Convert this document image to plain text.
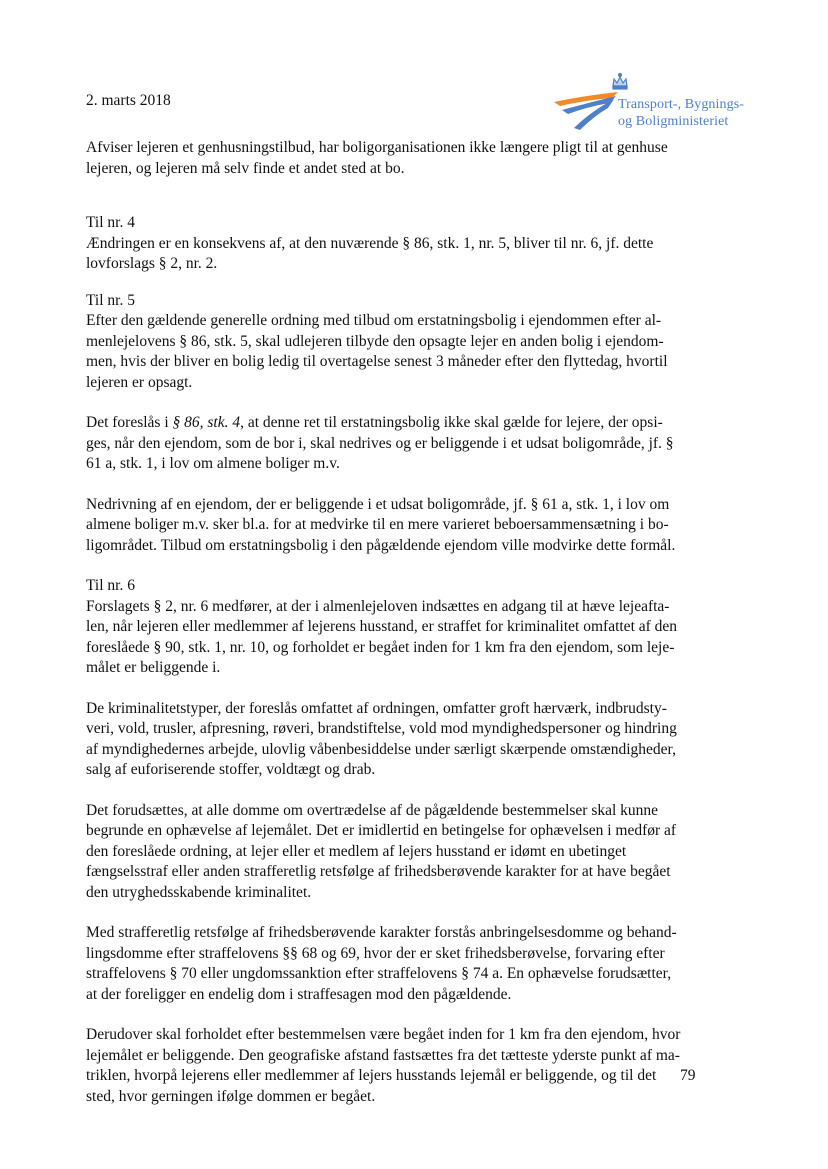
2. marts 2018	Transport-, Bygnings-
og Boligministeriet
Afviser lejeren et genhusningstilbud, har boligorganisationen ikke længere pligt til at genhuse
lejeren, og lejeren må selv finde et andet sted at bo.
Til nr. 4
Ændringen er en konsekvens af, at den nuværende § 86, stk. 1, nr. 5, bliver til nr. 6, jf. dette
lovforslags § 2, nr. 2.
Til nr. 5
Efter den gældende generelle ordning med tilbud om erstatningsbolig i ejendommen efter al-
menlejelovens § 86, stk. 5, skal udlejeren tilbyde den opsagte lejer en anden bolig i ejendom-
men, hvis der bliver en bolig ledig til overtagelse senest 3 måneder efter den flyttedag, hvortil
lejeren er opsagt.
Det foreslås i § 86, stk. 4, at denne ret til erstatningsbolig ikke skal gælde for lejere, der opsi-
ges, når den ejendom, som de bor i, skal nedrives og er beliggende i et udsat boligområde, jf. §
61 a, stk. 1, i lov om almene boliger m.v.
Nedrivning af en ejendom, der er beliggende i et udsat boligområde, jf. § 61 a, stk. 1, i lov om
almene boliger m.v. sker bl.a. for at medvirke til en mere varieret beboersammensætning i bo-
ligområdet. Tilbud om erstatningsbolig i den pågældende ejendom ville modvirke dette formål.
Til nr. 6
Forslagets § 2, nr. 6 medfører, at der i almenlejeloven indsættes en adgang til at hæve lejeafta-
len, når lejeren eller medlemmer af lejerens husstand, er straffet for kriminalitet omfattet af den
foreslåede § 90, stk. 1, nr. 10, og forholdet er begået inden for 1 km fra den ejendom, som leje-
målet er beliggende i.
De kriminalitetstyper, der foreslås omfattet af ordningen, omfatter groft hærværk, indbrudsty-
veri, vold, trusler, afpresning, røveri, brandstiftelse, vold mod myndighedspersoner og hindring
af myndighedernes arbejde, ulovlig våbenbesiddelse under særligt skærpende omstændigheder,
salg af euforiserende stoffer, voldtægt og drab.
Det forudsættes, at alle domme om overtrædelse af de pågældende bestemmelser skal kunne
begrunde en ophævelse af lejemålet. Det er imidlertid en betingelse for ophævelsen i medfør af
den foreslåede ordning, at lejer eller et medlem af lejers husstand er idømt en ubetinget
fængselsstraf eller anden strafferetlig retsfølge af frihedsberøvende karakter for at have begået
den utryghedsskabende kriminalitet.
Med strafferetlig retsfølge af frihedsberøvende karakter forstås anbringelsesdomme og behand-
lingsdomme efter straffelovens §§ 68 og 69, hvor der er sket frihedsberøvelse, forvaring efter
straffelovens § 70 eller ungdomssanktion efter straffelovens § 74 a. En ophævelse forudsætter,
at der foreligger en endelig dom i straffesagen mod den pågældende.
Derudover skal forholdet efter bestemmelsen være begået inden for 1 km fra den ejendom, hvor
lejemålet er beliggende. Den geografiske afstand fastsættes fra det tætteste yderste punkt af ma-
triklen, hvorpå lejerens eller medlemmer af lejers husstands lejemål er beliggende, og til det
sted, hvor gerningen ifølge dommen er begået.
79
